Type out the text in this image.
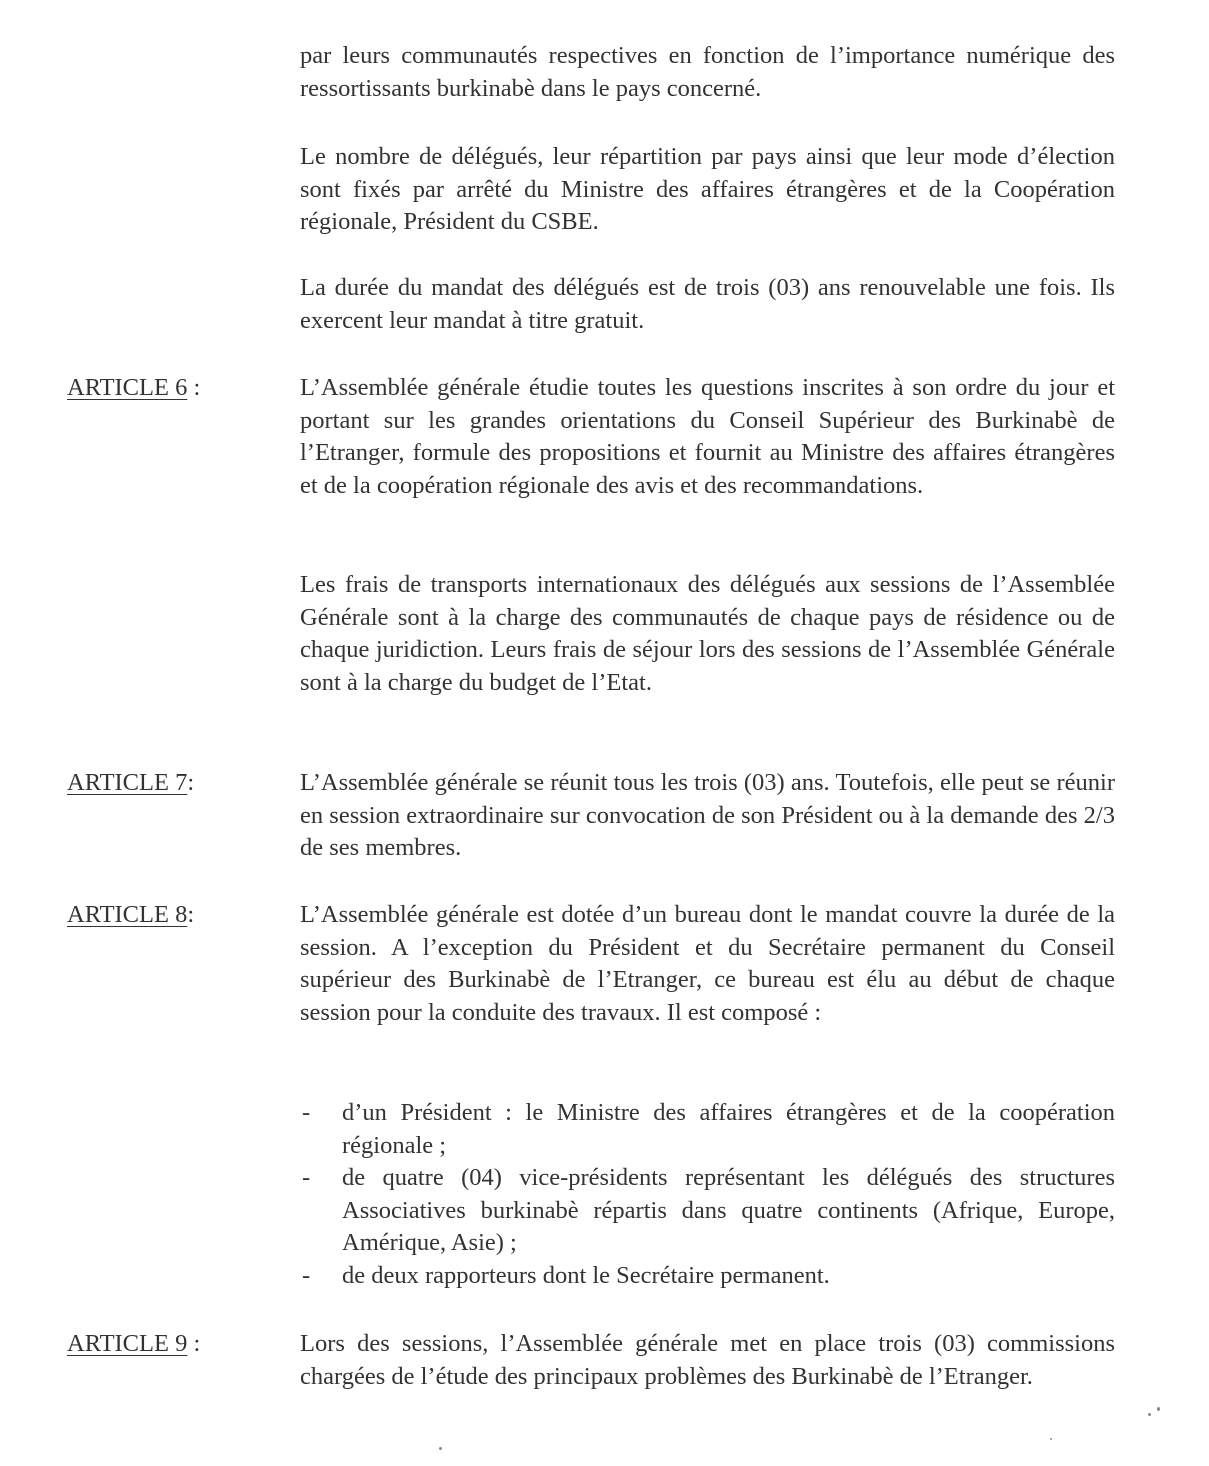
par leurs communautés respectives en fonction de l’importance numérique des ressortissants burkinabè dans le pays concerné.

Le nombre de délégués, leur répartition par pays ainsi que leur mode d’élection sont fixés par arrêté du Ministre des affaires étrangères et de la Coopération régionale, Président du CSBE.

La durée du mandat des délégués est de trois (03) ans renouvelable une fois. Ils exercent leur mandat à titre gratuit.

ARTICLE 6 :	L’Assemblée générale étudie toutes les questions inscrites à son ordre du jour et portant sur les grandes orientations du Conseil Supérieur des Burkinabè de l’Etranger, formule des propositions et fournit au Ministre des affaires étrangères et de la coopération régionale des avis et des recommandations.

Les frais de transports internationaux des délégués aux sessions de l’Assemblée Générale sont à la charge des communautés de chaque pays de résidence ou de chaque juridiction. Leurs frais de séjour lors des sessions de l’Assemblée Générale sont à la charge du budget de l’Etat.

ARTICLE 7:	L’Assemblée générale se réunit tous les trois (03) ans. Toutefois, elle peut se réunir en session extraordinaire sur convocation de son Président ou à la demande des 2/3 de ses membres.

ARTICLE 8:	L’Assemblée générale est dotée d’un bureau dont le mandat couvre la durée de la session. A l’exception du Président et du Secrétaire permanent du Conseil supérieur des Burkinabè de l’Etranger, ce bureau est élu au début de chaque session pour la conduite des travaux. Il est composé :

- d’un Président : le Ministre des affaires étrangères et de la coopération régionale ;
- de quatre (04) vice-présidents représentant les délégués des structures Associatives burkinabè répartis dans quatre continents (Afrique, Europe, Amérique, Asie) ;
- de deux rapporteurs dont le Secrétaire permanent.
ARTICLE 9 :	Lors des sessions, l’Assemblée générale met en place trois (03) commissions chargées de l’étude des principaux problèmes des Burkinabè de l’Etranger.
